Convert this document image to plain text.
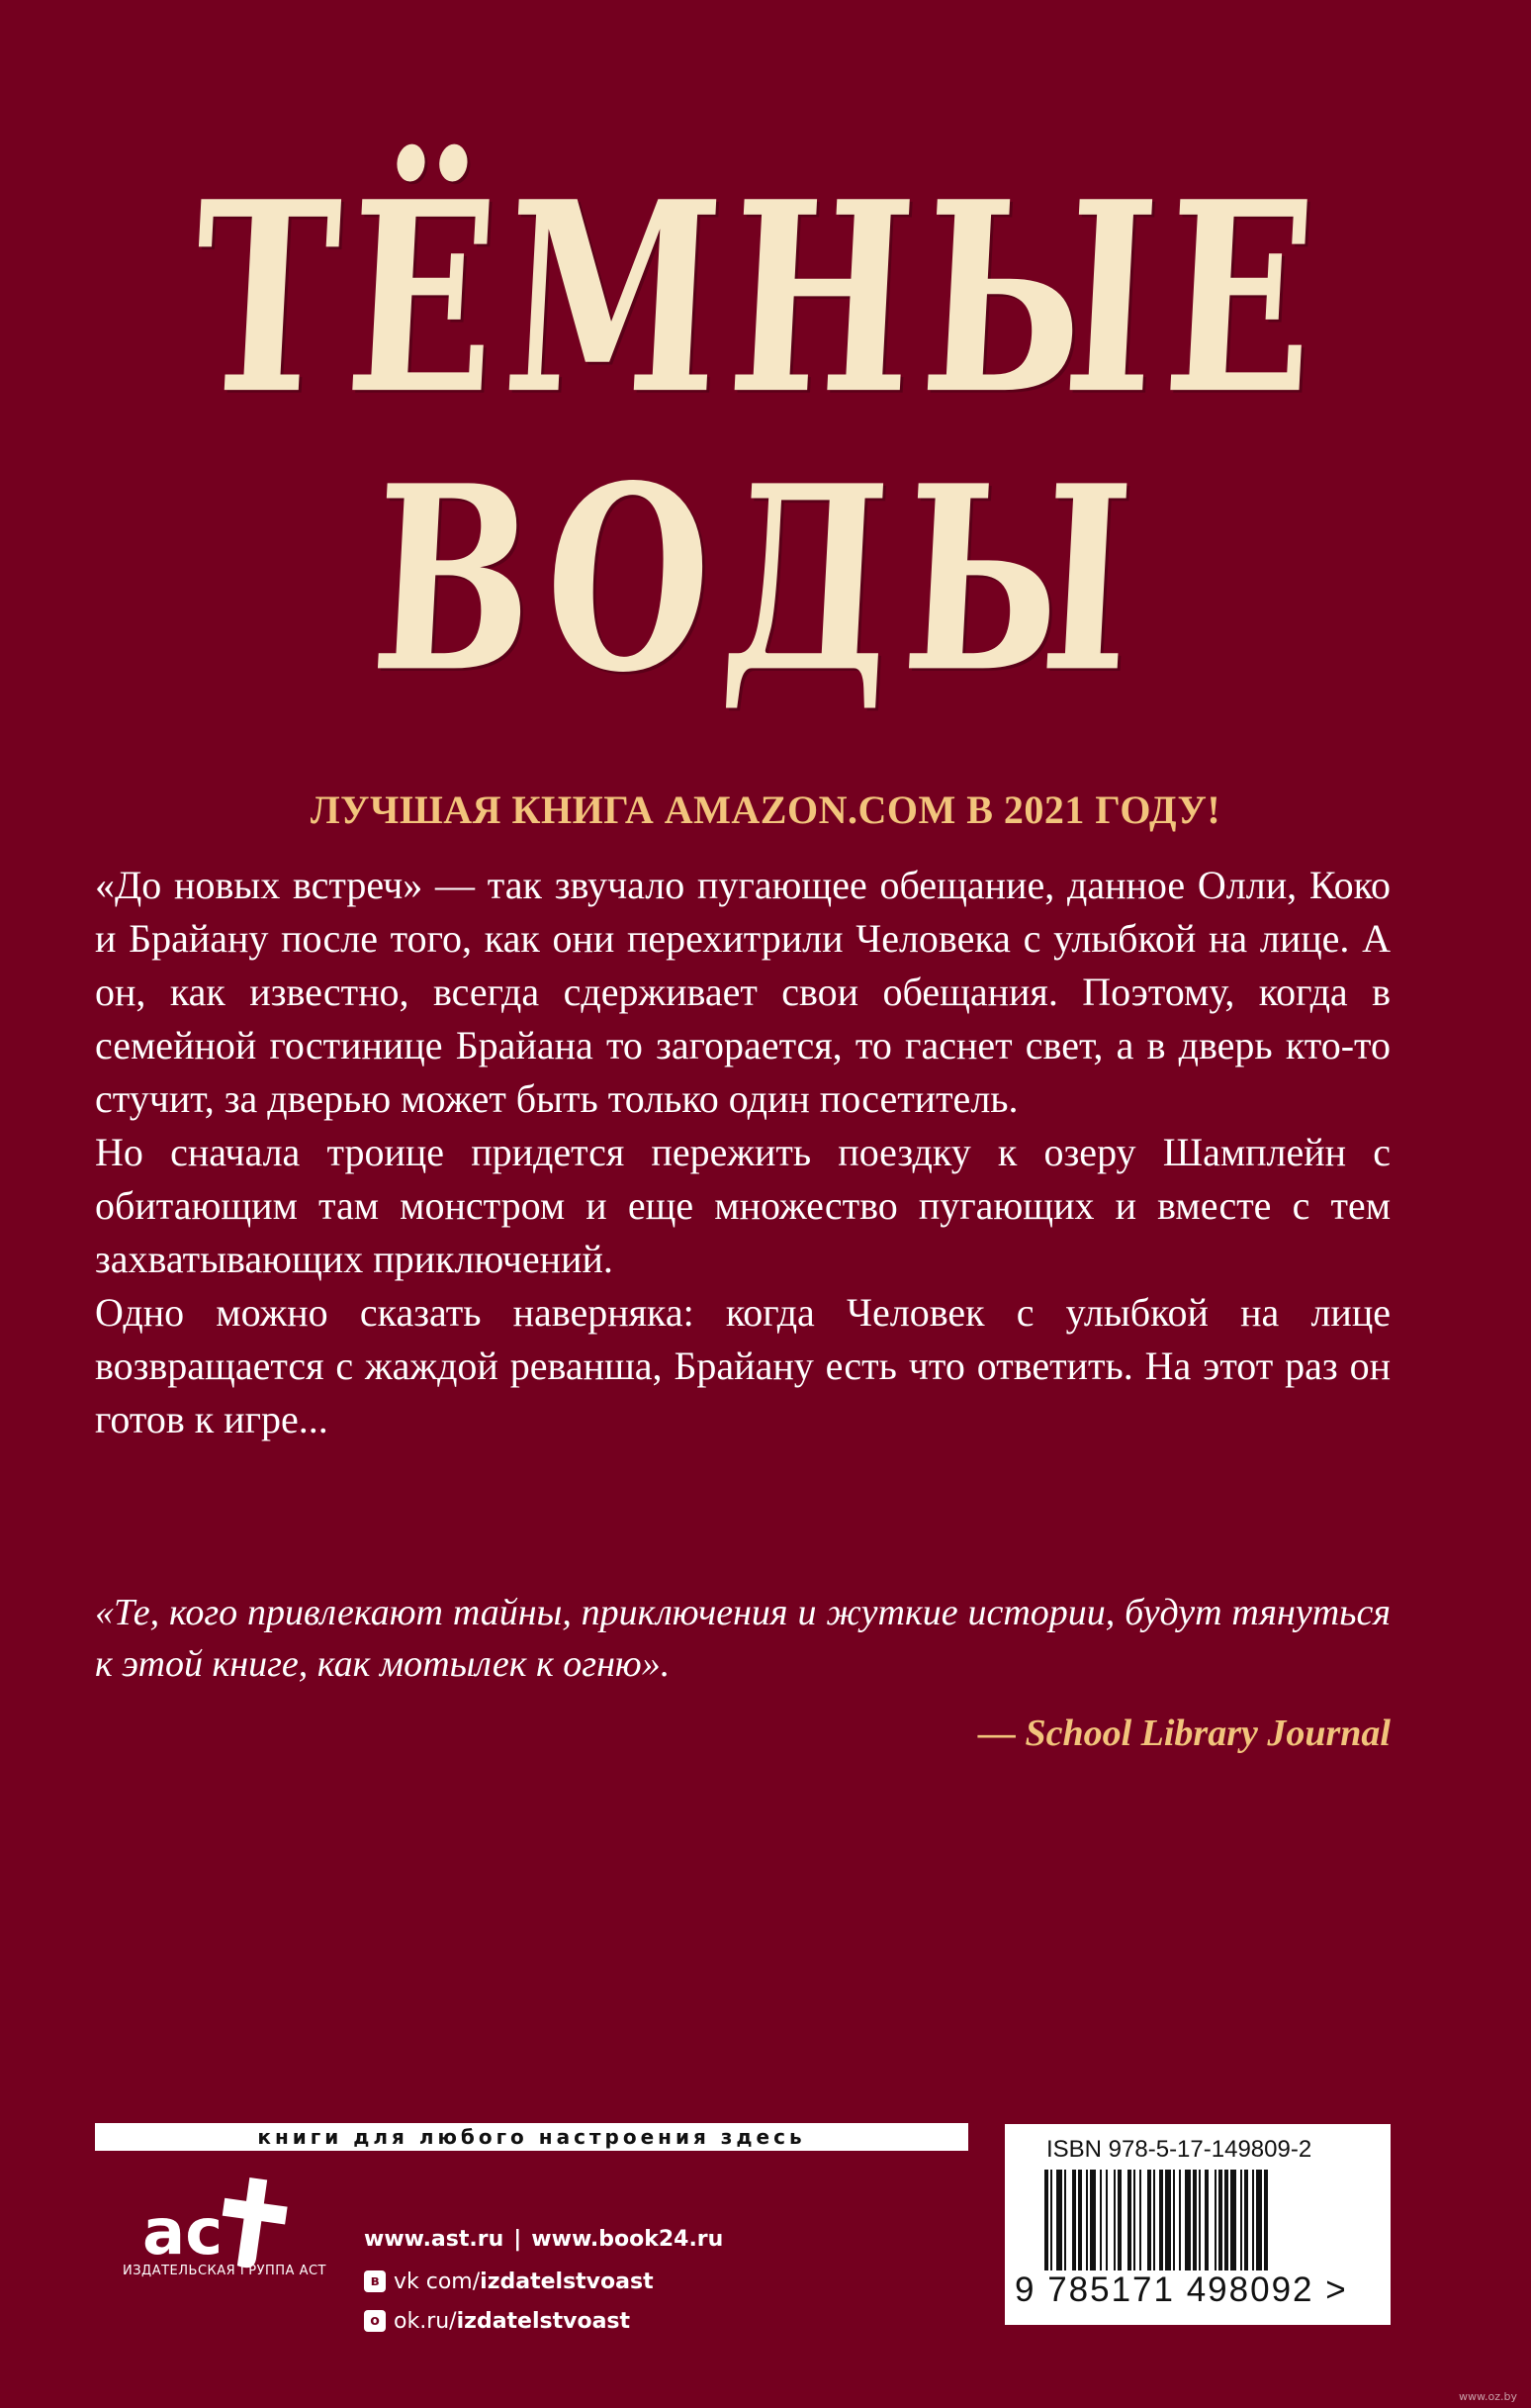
ТЁМНЫЕ
ВОДЫ
ЛУЧШАЯ КНИГА AMAZON.COM В 2021 ГОДУ!

«До новых встреч» — так звучало пугающее обещание, данное Олли, Коко и Брайану после того, как они перехитрили Человека с улыбкой на лице. А он, как известно, всегда сдерживает свои обещания. Поэтому, когда в семейной гостинице Брайана то загорается, то гаснет свет, а в дверь кто-то стучит, за дверью может быть только один посетитель.

Но сначала троице придется пережить поездку к озеру Шамплейн с обитающим там монстром и еще множество пугающих и вместе с тем захватывающих приключений.

Одно можно сказать наверняка: когда Человек с улыбкой на лице возвращается с жаждой реванша, Брайану есть что ответить. На этот раз он готов к игре...

«Те, кого привлекают тайны, приключения и жуткие истории, будут тянуться к этой книге, как мотылек к огню».
— School Library Journal
книги для любого настроения здесь
ас
ИЗДАТЕЛЬСКАЯ ГРУППА АСТ
www.ast.ru | www.book24.ru
в vk com/ izdatelstvoast
о ok.ru/ izdatelstvoast
ISBN 978-5-17-149809-2
9 785171 498092 >
www.oz.by
